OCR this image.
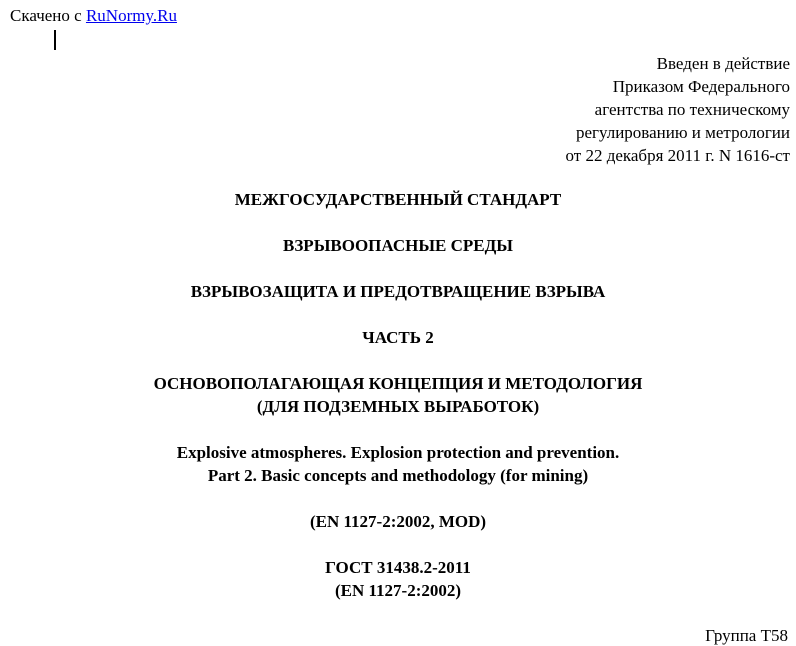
Скачено с RuNormy.Ru
Введен в действие
Приказом Федерального
агентства по техническому
регулированию и метрологии
от 22 декабря 2011 г. N 1616-ст
МЕЖГОСУДАРСТВЕННЫЙ СТАНДАРТ
ВЗРЫВООПАСНЫЕ СРЕДЫ
ВЗРЫВОЗАЩИТА И ПРЕДОТВРАЩЕНИЕ ВЗРЫВА
ЧАСТЬ 2
ОСНОВОПОЛАГАЮЩАЯ КОНЦЕПЦИЯ И МЕТОДОЛОГИЯ
(ДЛЯ ПОДЗЕМНЫХ ВЫРАБОТОК)
Explosive atmospheres. Explosion protection and prevention.
Part 2. Basic concepts and methodology (for mining)
(EN 1127-2:2002, MOD)
ГОСТ 31438.2-2011
(EN 1127-2:2002)
Группа Т58
